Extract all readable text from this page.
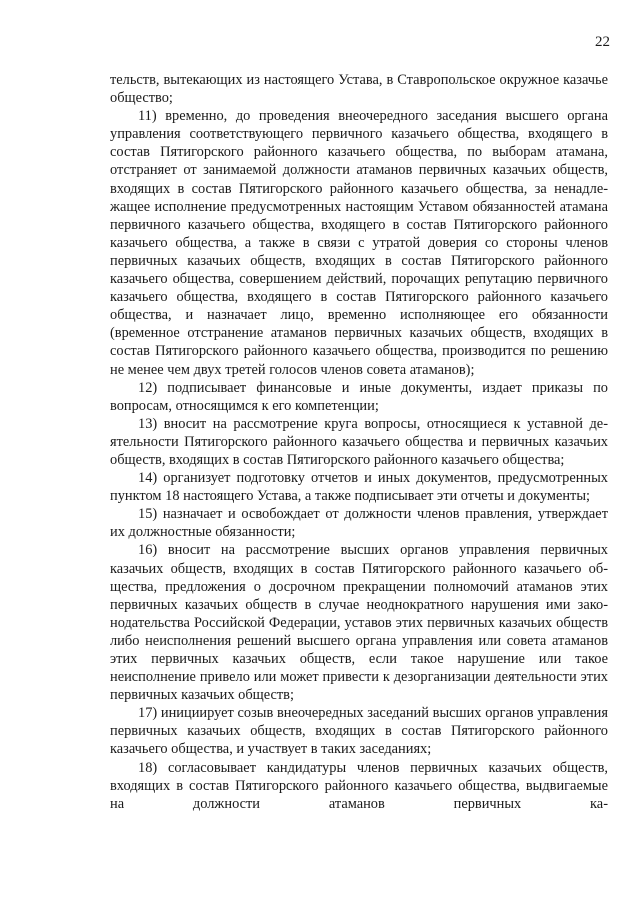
22

тельств, вытекающих из настоящего Устава, в Ставропольское окружное казачье общество;

11) временно, до проведения внеочередного заседания высшего органа управления соответствующего первичного казачьего общества, входящего в состав Пятигорского районного казачьего общества, по выборам атамана, отстраняет от занимаемой должности атаманов первичных казачьих обществ, входящих в состав Пятигорского районного казачьего общества, за ненадлежащее исполнение предусмотренных настоящим Уставом обязанностей атамана первичного казачьего общества, входящего в состав Пятигорского районного казачьего общества, а также в связи с утратой доверия со стороны членов первичных казачьих обществ, входящих в состав Пятигорского районного казачьего общества, совершением действий, порочащих репутацию первичного казачьего общества, входящего в состав Пятигорского районного казачьего общества, и назначает лицо, временно исполняющее его обязанности (временное отстранение атаманов первичных казачьих обществ, входящих в состав Пятигорского районного казачьего общества, производится по решению не менее чем двух третей голосов членов совета атаманов);

12) подписывает финансовые и иные документы, издает приказы по вопросам, относящимся к его компетенции;

13) вносит на рассмотрение круга вопросы, относящиеся к уставной деятельности Пятигорского районного казачьего общества и первичных казачьих обществ, входящих в состав Пятигорского районного казачьего общества;

14) организует подготовку отчетов и иных документов, предусмотренных пунктом 18 настоящего Устава, а также подписывает эти отчеты и документы;

15) назначает и освобождает от должности членов правления, утверждает их должностные обязанности;

16) вносит на рассмотрение высших органов управления первичных казачьих обществ, входящих в состав Пятигорского районного казачьего общества, предложения о досрочном прекращении полномочий атаманов этих первичных казачьих обществ в случае неоднократного нарушения ими законодательства Российской Федерации, уставов этих первичных казачьих обществ либо неисполнения решений высшего органа управления или совета атаманов этих первичных казачьих обществ, если такое нарушение или такое неисполнение привело или может привести к дезорганизации деятельности этих первичных казачьих обществ;

17) инициирует созыв внеочередных заседаний высших органов управления первичных казачьих обществ, входящих в состав Пятигорского районного казачьего общества, и участвует в таких заседаниях;

18) согласовывает кандидатуры членов первичных казачьих обществ, входящих в состав Пятигорского районного казачьего общества, выдвигаемые на должности атаманов первичных ка-
